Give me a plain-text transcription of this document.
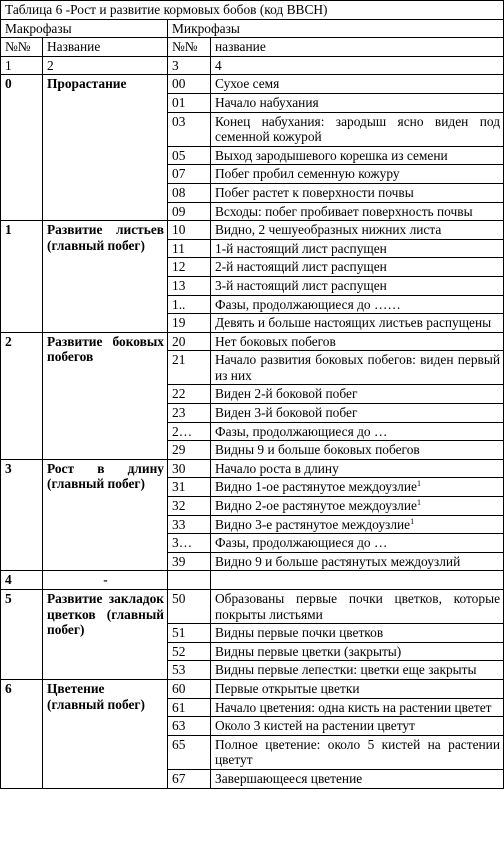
Таблица 6 -Рост и развитие кормовых бобов (код BBCH)			
Макрофазы		Микрофазы	
№№	Название	№№	название
1	2	3	4
0	Прорастание	00	Сухое семя
		01	Начало набухания
		03	Конец набухания: зародыш ясно виден под семенной кожурой
		05	Выход зародышевого корешка из семени
		07	Побег пробил семенную кожуру
		08	Побег растет к поверхности почвы
		09	Всходы: побег пробивает поверхность почвы
1	Развитие листьев (главный побег)	10	Видно, 2 чешуеобразных нижних листа
		11	1-й настоящий лист распущен
		12	2-й настоящий лист распущен
		13	3-й настоящий лист распущен
		1..	Фазы, продолжающиеся до ……
		19	Девять и больше настоящих листьев распущены
2	Развитие боковых побегов	20	Нет боковых побегов
		21	Начало развития боковых побегов: виден первый из них
		22	Виден 2-й боковой побег
		23	Виден 3-й боковой побег
		2…	Фазы, продолжающиеся до …
		29	Видны 9 и больше боковых побегов
3	Рост в длину (главный побег)	30	Начало роста в длину
		31	Видно 1-ое растянутое междоузлие$^1$
		32	Видно 2-ое растянутое междоузлие$^1$
		33	Видно 3-е растянутое междоузлие$^1$
		3…	Фазы, продолжающиеся до …
		39	Видно 9 и больше растянутых междоузлий
4	-		
5	Развитие закладок цветков (главный побег)	50	Образованы первые почки цветков, которые покрыты листьями
		51	Видны первые почки цветков
		52	Видны первые цветки (закрыты)
		53	Видны первые лепестки: цветки еще закрыты
6	Цветение (главный побег)	60	Первые открытые цветки
		61	Начало цветения: одна кисть на растении цветет
		63	Около 3 кистей на растении цветут
		65	Полное цветение: около 5 кистей на растении цветут
		67	Завершающееся цветение
